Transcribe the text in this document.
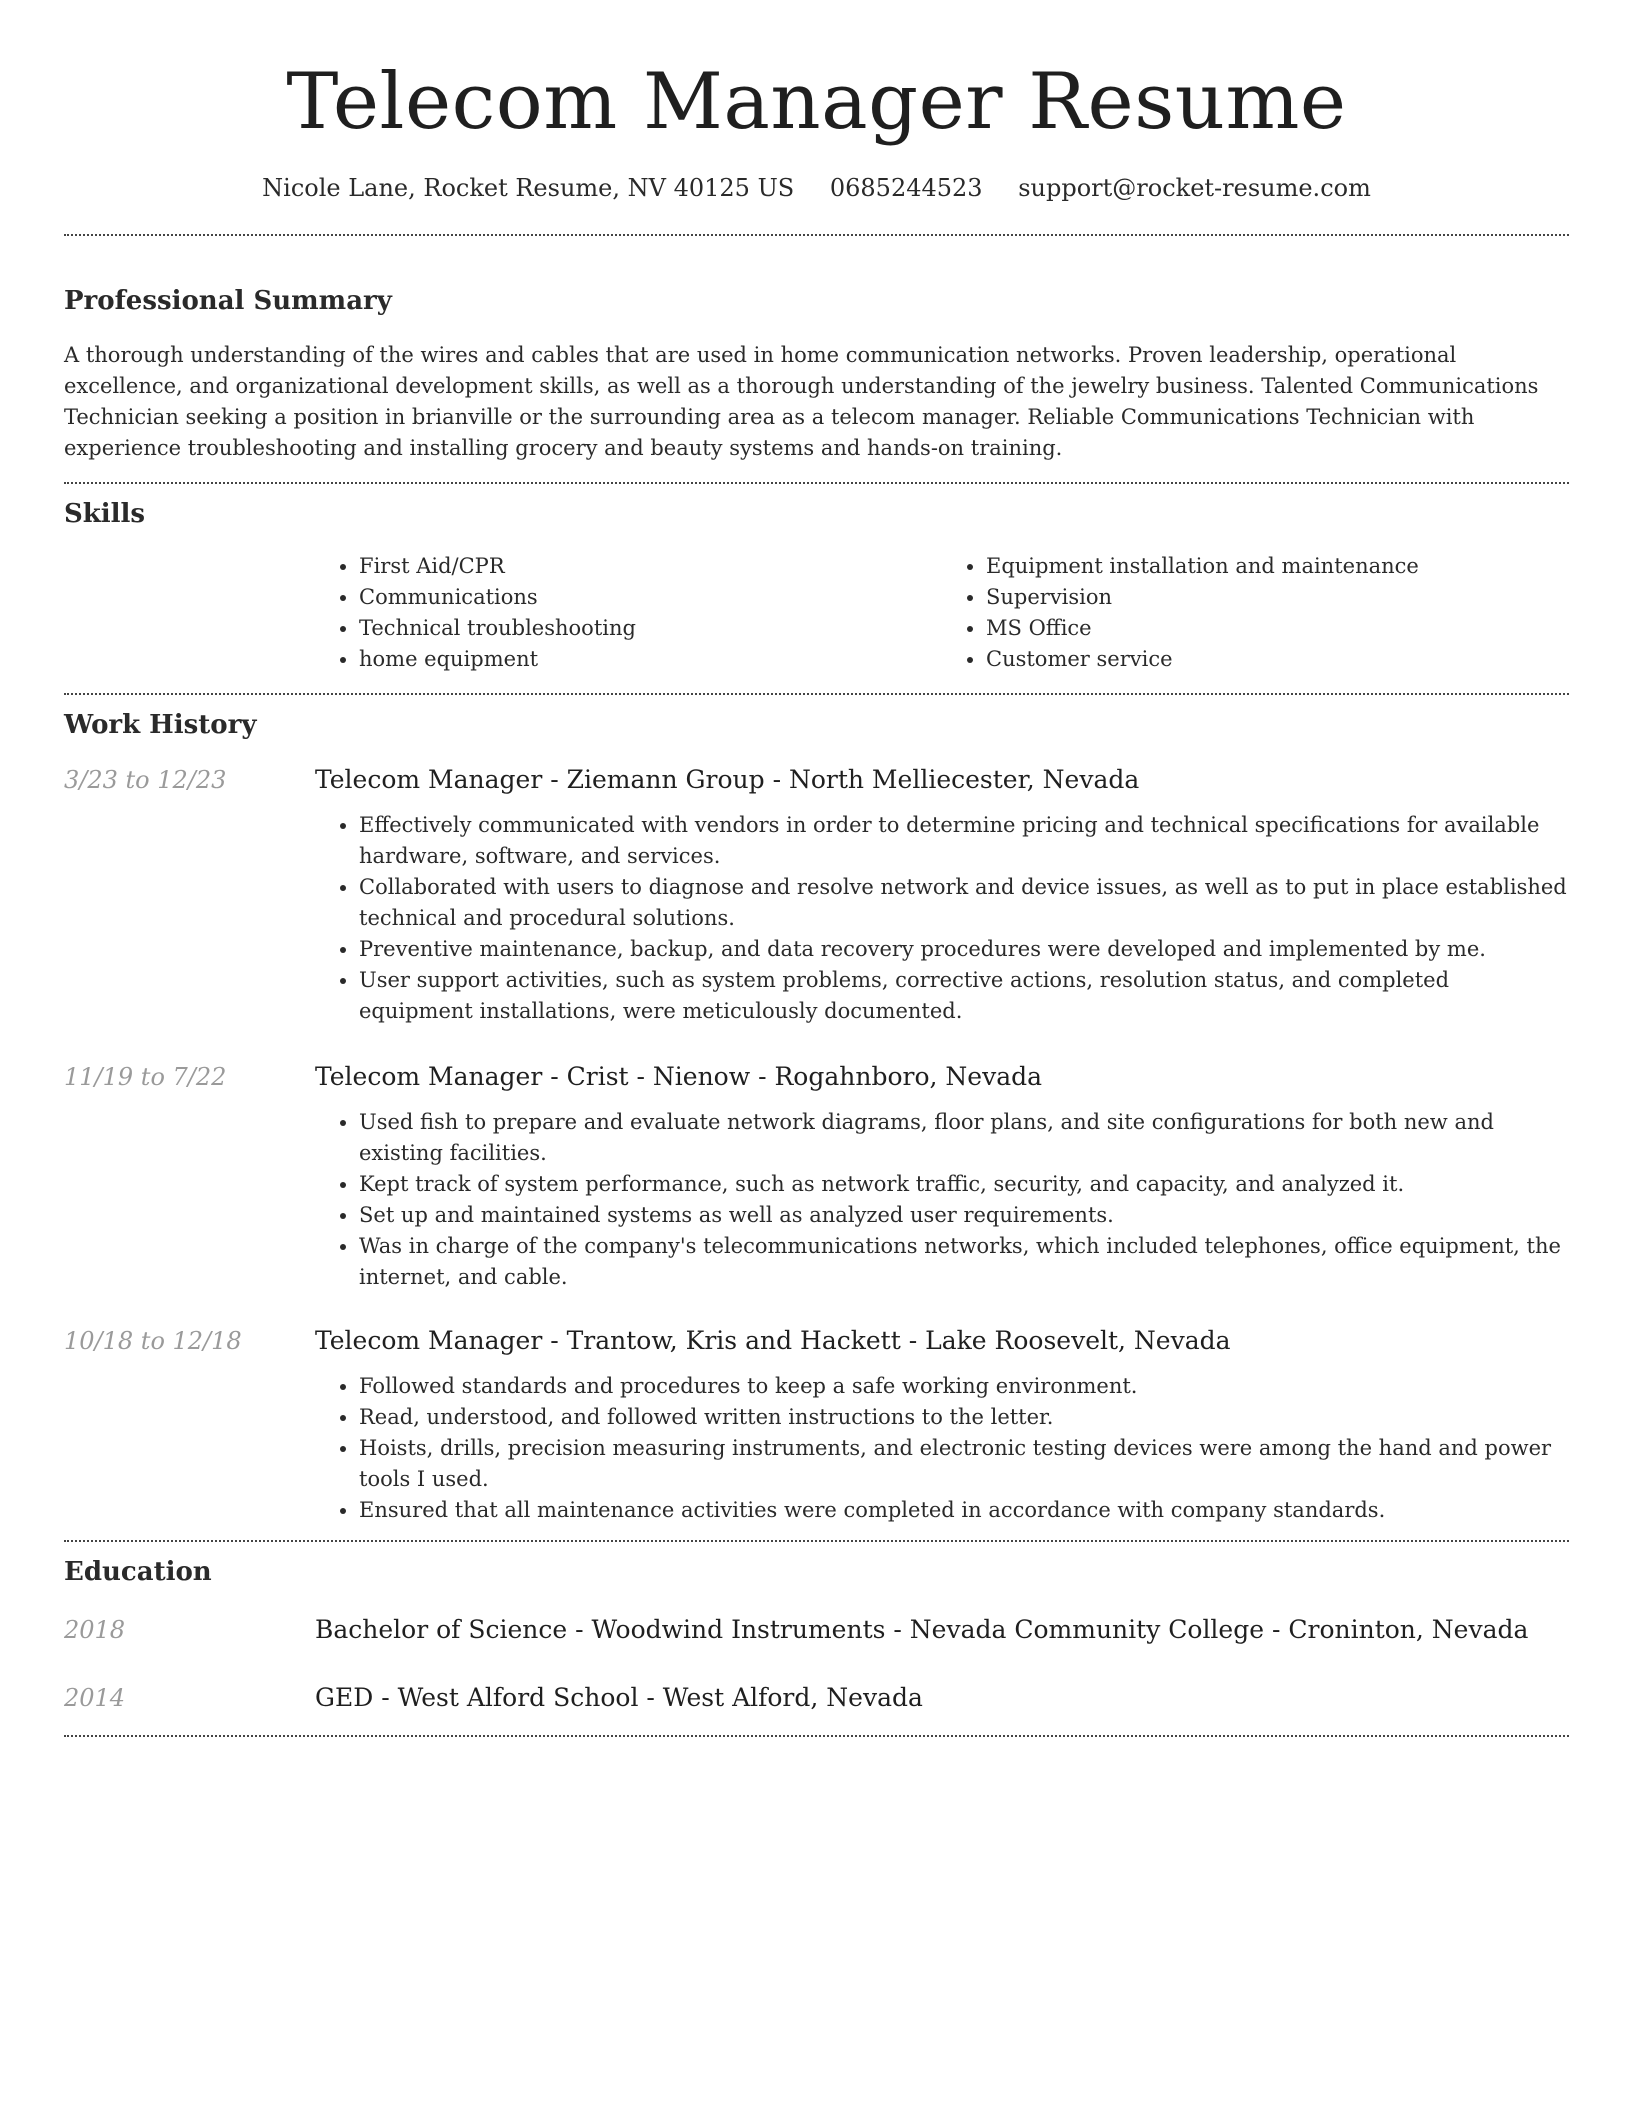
Telecom Manager Resume
Nicole Lane, Rocket Resume, NV 40125 US 0685244523 support@rocket-resume.com
Professional Summary

A thorough understanding of the wires and cables that are used in home communication networks. Proven leadership, operational excellence, and organizational development skills, as well as a thorough understanding of the jewelry business. Talented Communications Technician seeking a position in brianville or the surrounding area as a telecom manager. Reliable Communications Technician with experience troubleshooting and installing grocery and beauty systems and hands-on training.

Skills
• First Aid/CPR
• Communications
• Technical troubleshooting
• home equipment
• Equipment installation and maintenance
• Supervision
• MS Office
• Customer service
Work History
3/23 to 12/23	Telecom Manager - Ziemann Group - North Melliecester, Nevada
• Effectively communicated with vendors in order to determine pricing and technical specifications for available hardware, software, and services.
• Collaborated with users to diagnose and resolve network and device issues, as well as to put in place established technical and procedural solutions.
• Preventive maintenance, backup, and data recovery procedures were developed and implemented by me.
• User support activities, such as system problems, corrective actions, resolution status, and completed equipment installations, were meticulously documented.
11/19 to 7/22	Telecom Manager - Crist - Nienow - Rogahnboro, Nevada
• Used fish to prepare and evaluate network diagrams, floor plans, and site configurations for both new and existing facilities.
• Kept track of system performance, such as network traffic, security, and capacity, and analyzed it.
• Set up and maintained systems as well as analyzed user requirements.
• Was in charge of the company's telecommunications networks, which included telephones, office equipment, the internet, and cable.
10/18 to 12/18	Telecom Manager - Trantow, Kris and Hackett - Lake Roosevelt, Nevada
• Followed standards and procedures to keep a safe working environment.
• Read, understood, and followed written instructions to the letter.
• Hoists, drills, precision measuring instruments, and electronic testing devices were among the hand and power tools I used.
• Ensured that all maintenance activities were completed in accordance with company standards.
Education
2018	Bachelor of Science - Woodwind Instruments - Nevada Community College - Croninton, Nevada
2014	GED - West Alford School - West Alford, Nevada
